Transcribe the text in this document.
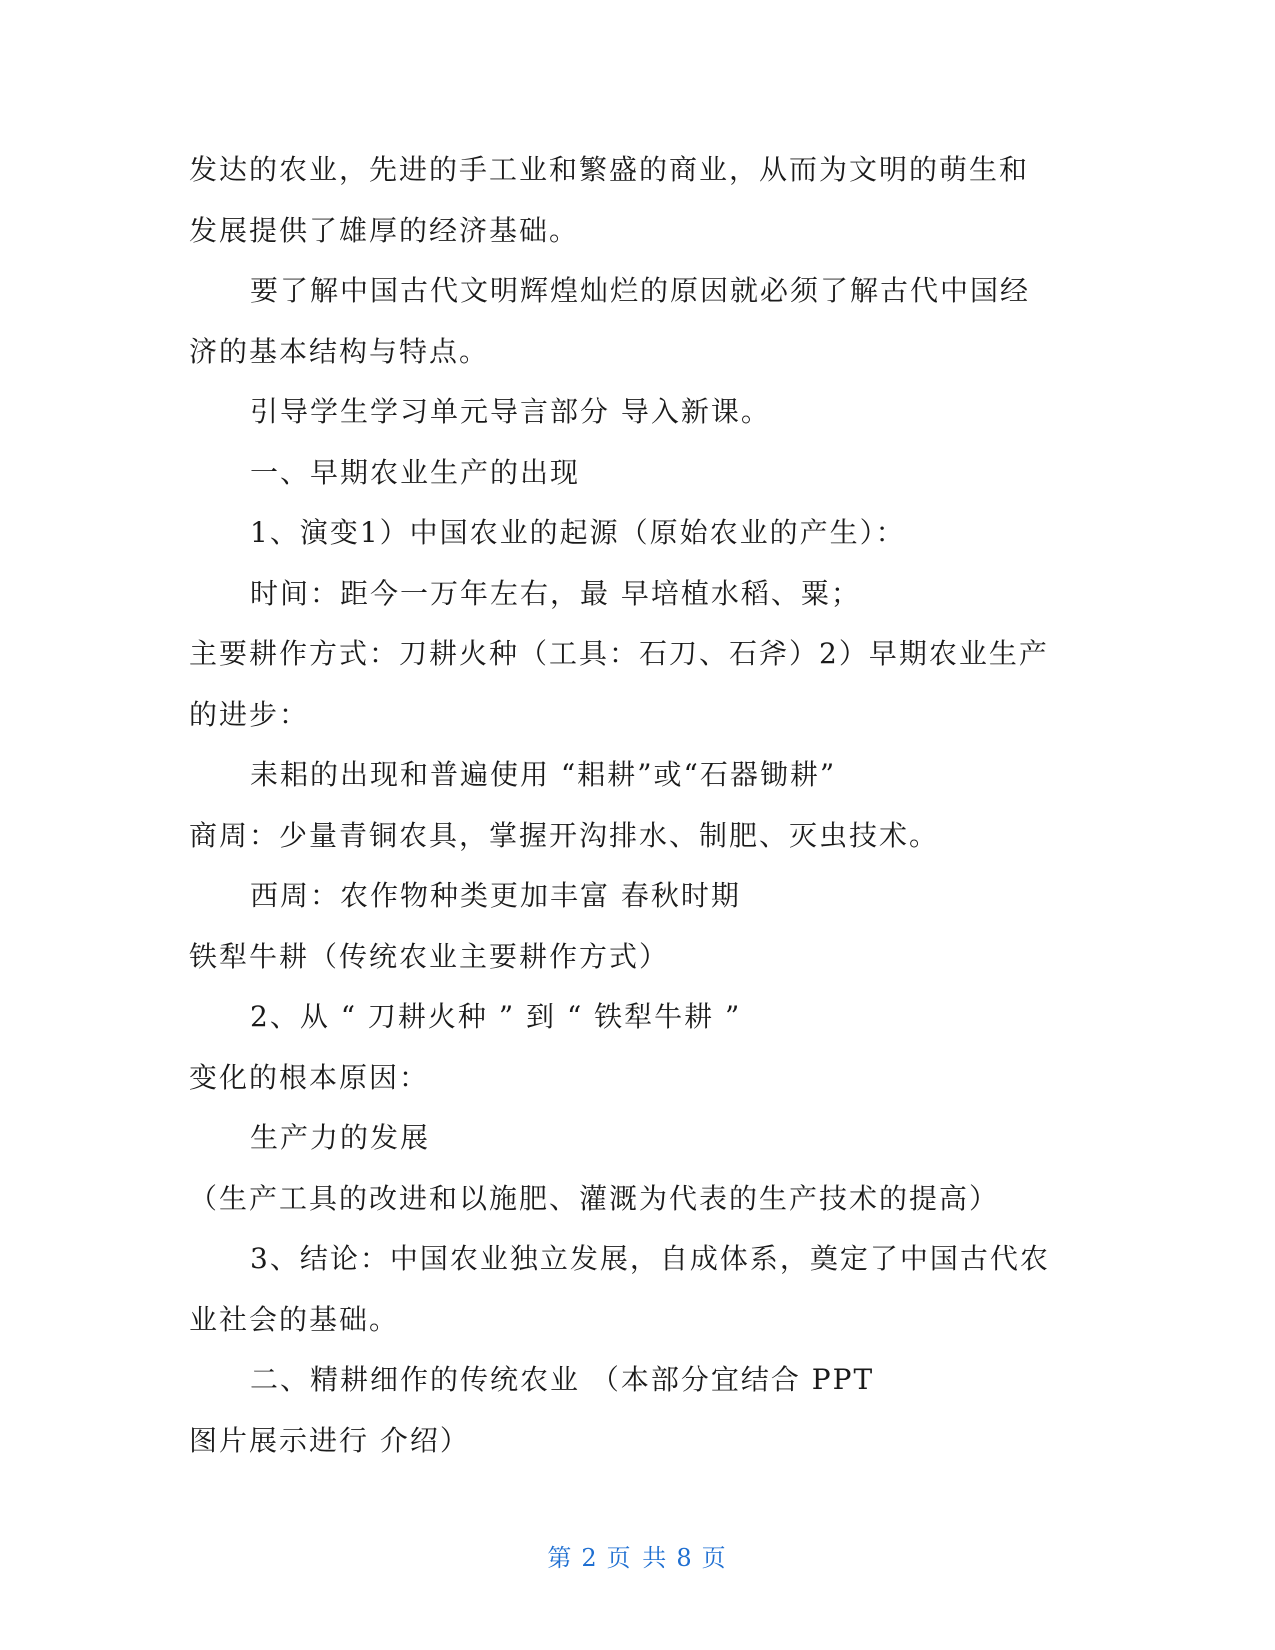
发达的农业，先进的手工业和繁盛的商业，从而为文明的萌生和
发展提供了雄厚的经济基础。
要了解中国古代文明辉煌灿烂的原因就必须了解古代中国经
济的基本结构与特点。
引导学生学习单元导言部分 导入新课。
一、早期农业生产的出现
1、演变1）中国农业的起源（原始农业的产生）：
时间：距今一万年左右，最 早培植水稻、粟；
主要耕作方式：刀耕火种（工具：石刀、石斧）2）早期农业生产
的进步：
耒耜的出现和普遍使用 “耜耕”或“石器锄耕”
商周：少量青铜农具，掌握开沟排水、制肥、灭虫技术。
西周：农作物种类更加丰富 春秋时期
铁犁牛耕（传统农业主要耕作方式）
2、从 “ 刀耕火种 ” 到 “ 铁犁牛耕 ”
变化的根本原因：
生产力的发展
（生产工具的改进和以施肥、灌溉为代表的生产技术的提高）
3、结论：中国农业独立发展，自成体系，奠定了中国古代农
业社会的基础。
二、精耕细作的传统农业 （本部分宜结合 PPT
图片展示进行 介绍）
第 2 页 共 8 页
